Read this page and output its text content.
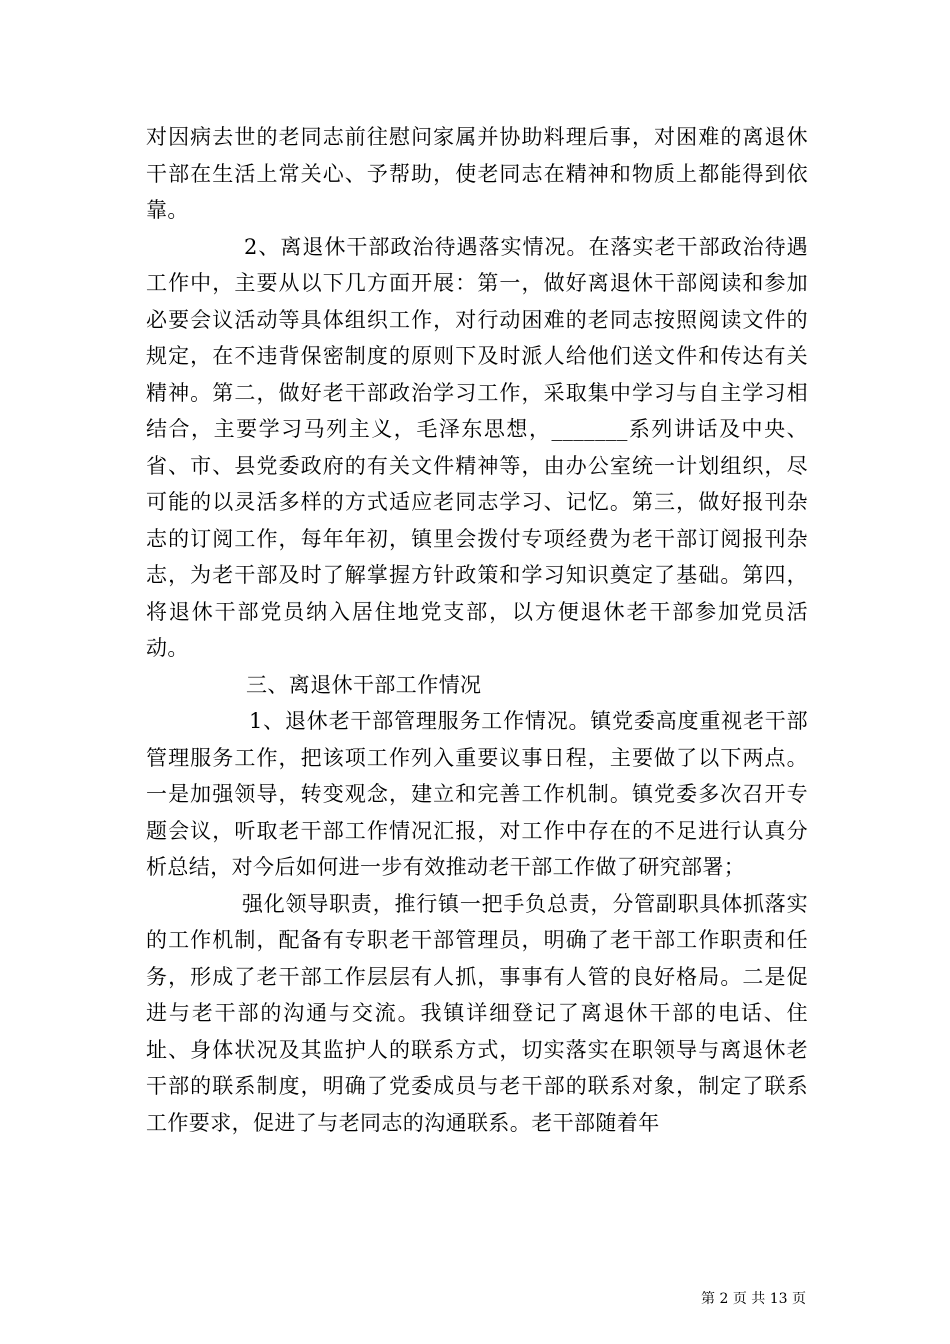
对因病去世的老同志前往慰问家属并协助料理后事，对困难的离退休干部在生活上常关心、予帮助，使老同志在精神和物质上都能得到依靠。

2、离退休干部政治待遇落实情况。在落实老干部政治待遇工作中，主要从以下几方面开展：第一，做好离退休干部阅读和参加必要会议活动等具体组织工作，对行动困难的老同志按照阅读文件的规定，在不违背保密制度的原则下及时派人给他们送文件和传达有关精神。第二，做好老干部政治学习工作，采取集中学习与自主学习相结合，主要学习马列主义，毛泽东思想，_______系列讲话及中央、省、市、县党委政府的有关文件精神等，由办公室统一计划组织，尽可能的以灵活多样的方式适应老同志学习、记忆。第三，做好报刊杂志的订阅工作，每年年初，镇里会拨付专项经费为老干部订阅报刊杂志，为老干部及时了解掌握方针政策和学习知识奠定了基础。第四，将退休干部党员纳入居住地党支部，以方便退休老干部参加党员活动。

三、离退休干部工作情况

1、退休老干部管理服务工作情况。镇党委高度重视老干部管理服务工作，把该项工作列入重要议事日程，主要做了以下两点。一是加强领导，转变观念，建立和完善工作机制。镇党委多次召开专题会议，听取老干部工作情况汇报，对工作中存在的不足进行认真分析总结，对今后如何进一步有效推动老干部工作做了研究部署；

强化领导职责，推行镇一把手负总责，分管副职具体抓落实的工作机制，配备有专职老干部管理员，明确了老干部工作职责和任务，形成了老干部工作层层有人抓，事事有人管的良好格局。二是促进与老干部的沟通与交流。我镇详细登记了离退休干部的电话、住址、身体状况及其监护人的联系方式，切实落实在职领导与离退休老干部的联系制度，明确了党委成员与老干部的联系对象，制定了联系工作要求，促进了与老同志的沟通联系。老干部随着年

第 2 页 共 13 页
